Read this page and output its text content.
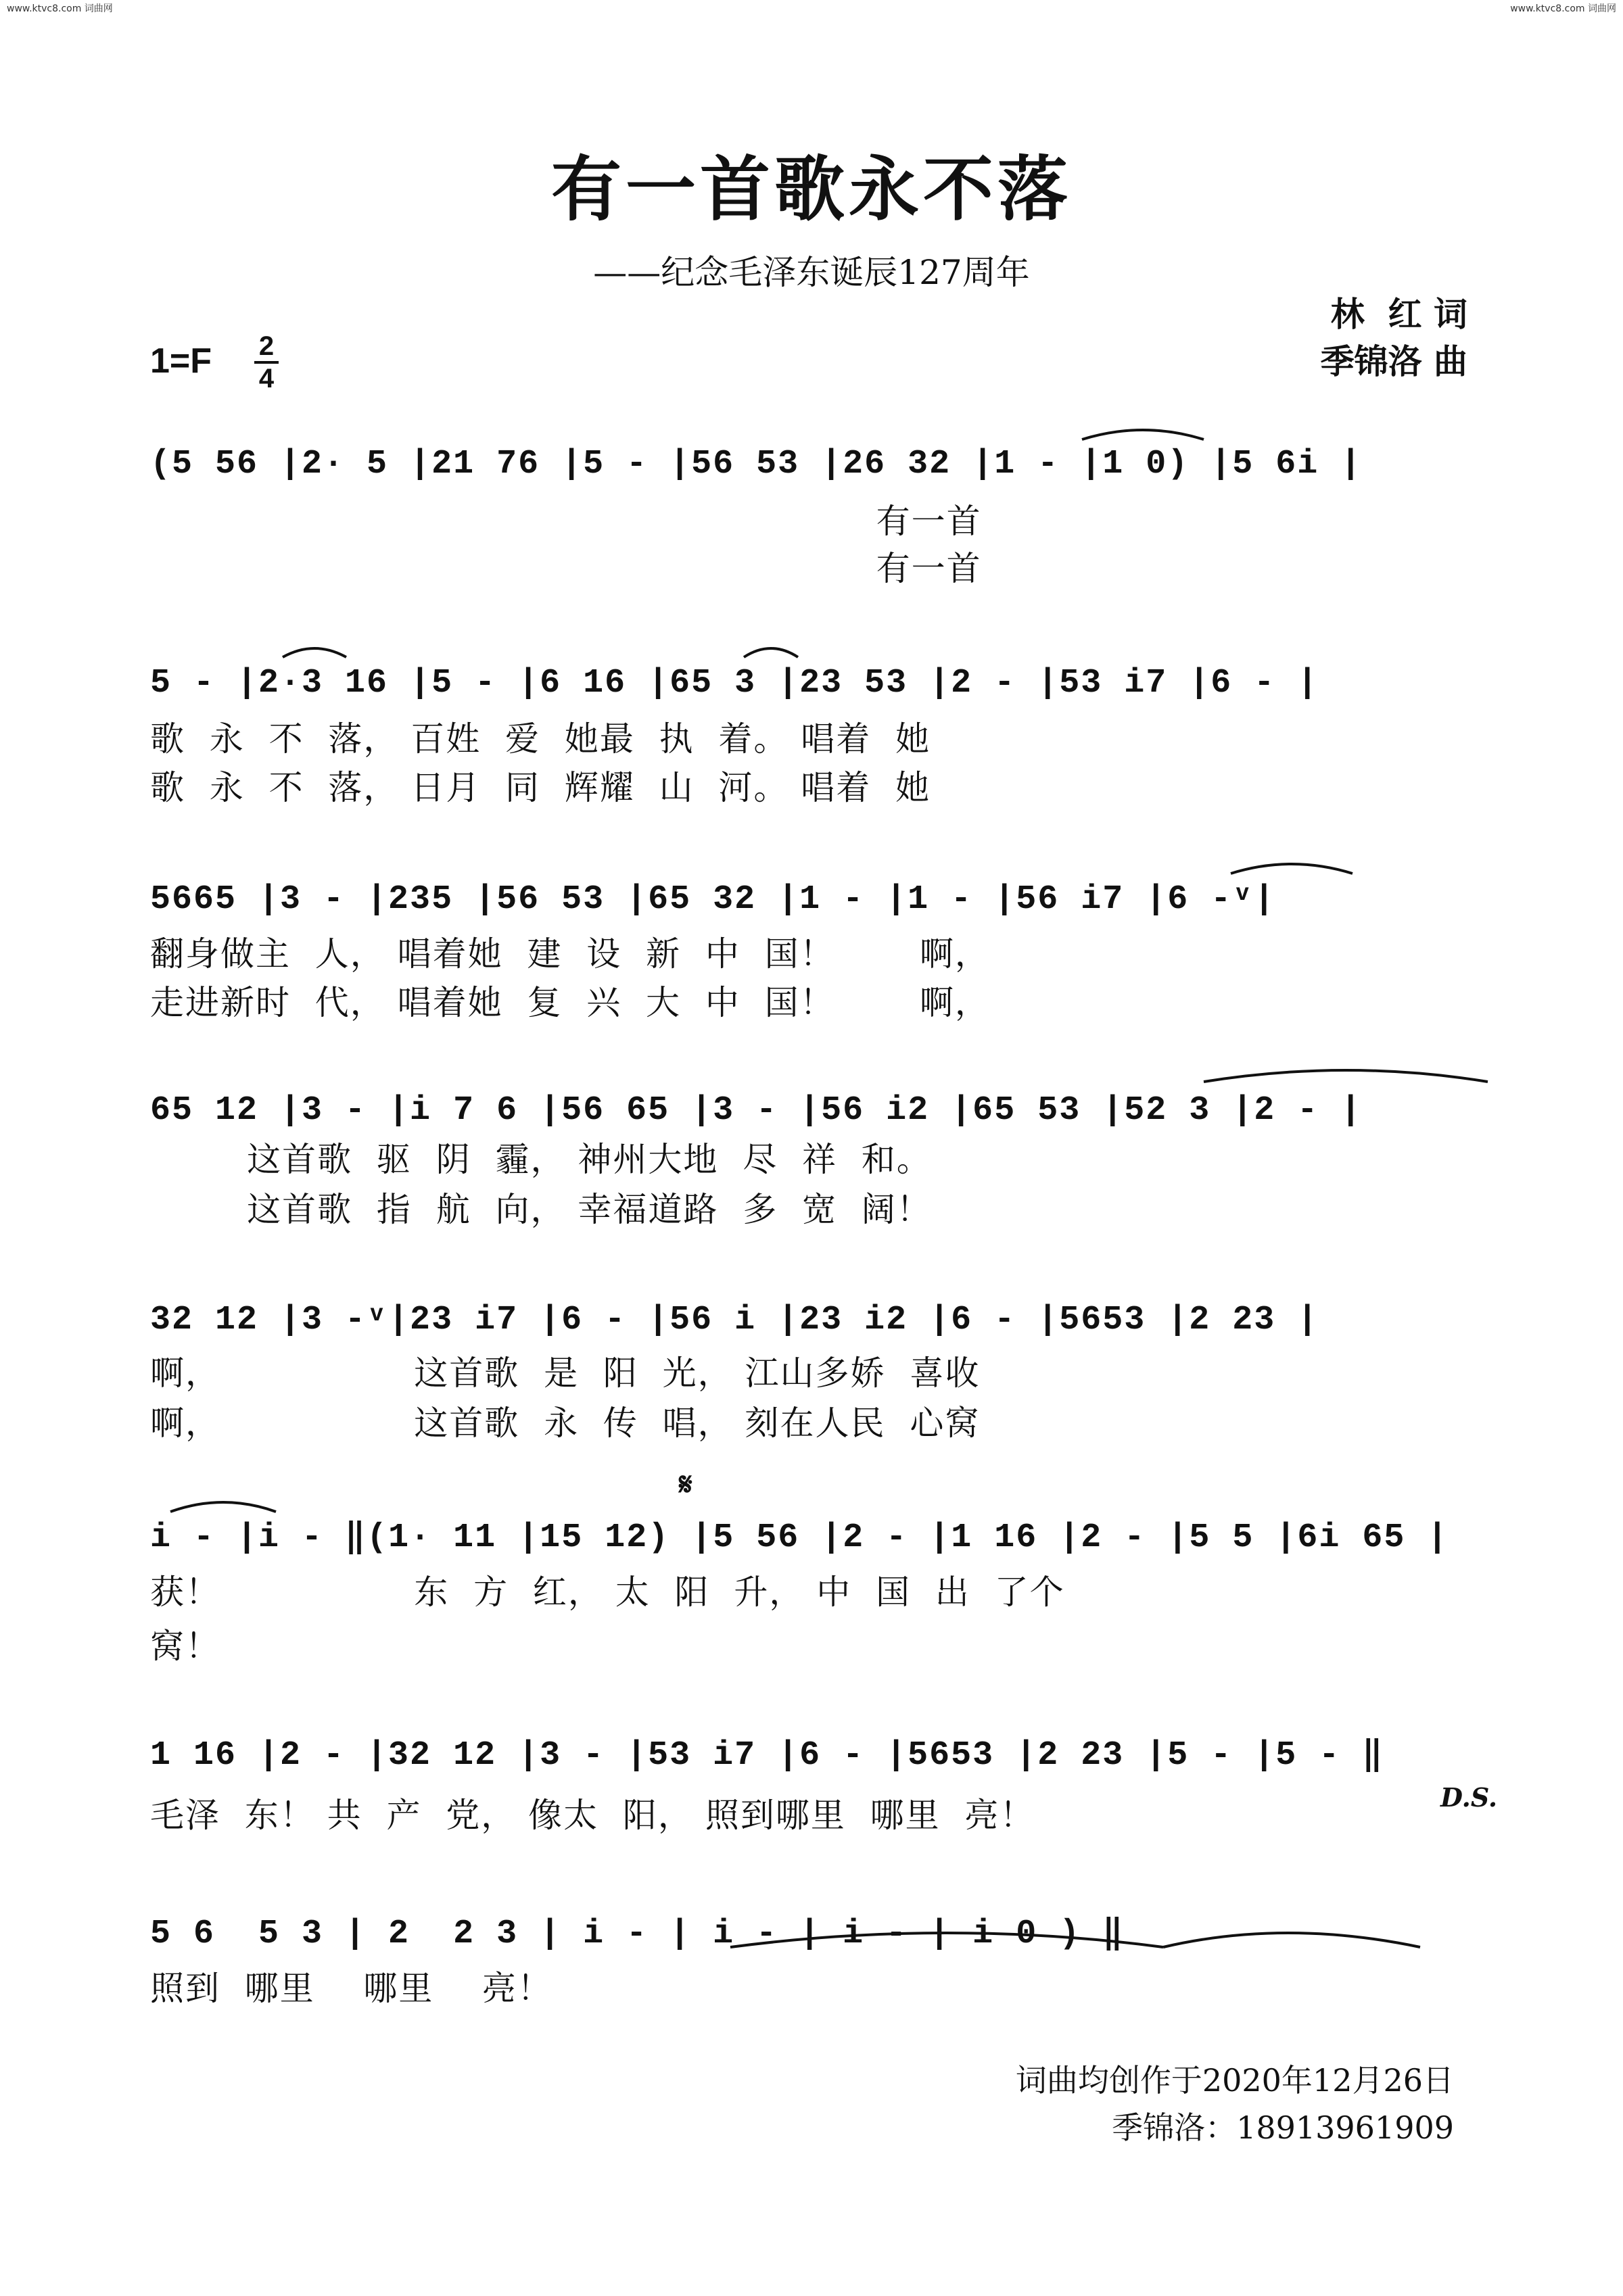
www.ktvc8.com 词曲网	www.ktvc8.com 词曲网
有一首歌永不落
——纪念毛泽东诞辰127周年
林  红 词
季锦洛 曲
1=F 2
4
(5 56 |2· 5 |21 76 |5 - |56 53 |26 32 |1 - |1 0) |5 6i |
有一首
有一首
5 - |2·3 16 |5 - |6 16 |65 3 |23 53 |2 - |53 i7 |6 - |
歌  永  不  落， 百姓  爱  她最  执  着。 唱着  她
歌  永  不  落， 日月  同  辉耀  山  河。 唱着  她
5665 |3 - |235 |56 53 |65 32 |1 - |1 - |56 i7 |6 -ᵛ|
翻身做主  人， 唱着她  建  设  新  中  国！       啊，
走进新时  代， 唱着她  复  兴  大  中  国！       啊，
65 12 |3 - |i 7 6 |56 65 |3 - |56 i2 |65 53 |52 3 |2 - |
这首歌  驱  阴  霾， 神州大地  尽  祥  和。
这首歌  指  航  向， 幸福道路  多  宽  阔！
32 12 |3 -ᵛ|23 i7 |6 - |56 i |23 i2 |6 - |5653 |2 23 |
啊，                这首歌  是  阳  光， 江山多娇  喜收
啊，                这首歌  永  传  唱， 刻在人民  心窝
𝄋
i - |i - ‖(1· 11 |15 12) |5 56 |2 - |1 16 |2 - |5 5 |6i 65 |
获！                东  方  红， 太  阳  升， 中  国  出  了个
窝！
1 16 |2 - |32 12 |3 - |53 i7 |6 - |5653 |2 23 |5 - |5 - ‖
毛泽  东！ 共  产  党， 像太  阳， 照到哪里  哪里  亮！	D.S.
5 6  5 3 | 2  2 3 | i - | i - | i - | i 0 ) ‖
照到  哪里    哪里    亮！
词曲均创作于2020年12月26日
季锦洛：18913961909
